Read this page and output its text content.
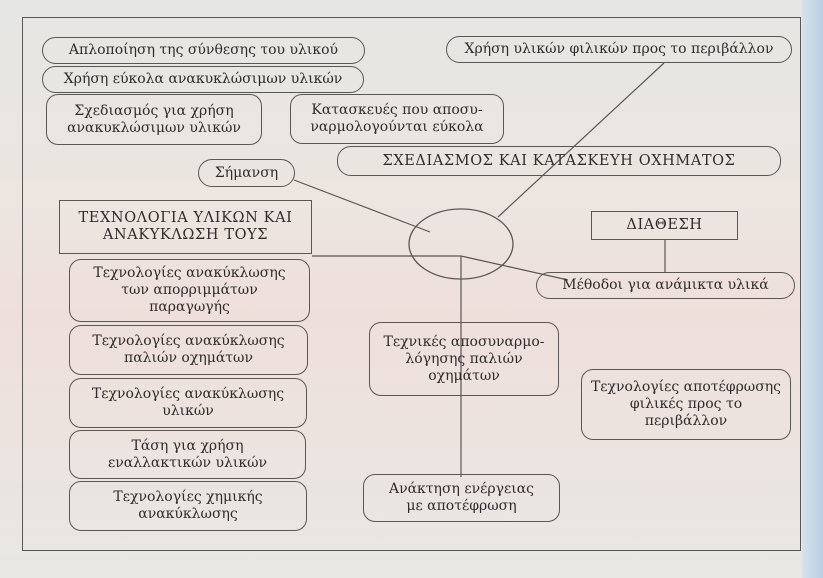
Απλοποίηση της σύνθεσης του υλικού
Χρήση εύκολα ανακυκλώσιμων υλικών
Σχεδιασμός για χρήση
ανακυκλώσιμων υλικών
Σήμανση
Χρήση υλικών φιλικών προς το περιβάλλον
Κατασκευές που αποσυ-
ναρμολογούνται εύκολα
ΣΧΕΔΙΑΣΜΟΣ ΚΑΙ ΚΑΤΑΣΚΕΥΗ ΟΧΗΜΑΤΟΣ
ΤΕΧΝΟΛΟΓΙΑ ΥΛΙΚΩΝ ΚΑΙ
ΑΝΑΚΥΚΛΩΣΗ ΤΟΥΣ
Τεχνολογίες ανακύκλωσης
των απορριμμάτων
παραγωγής
Τεχνολογίες ανακύκλωσης
παλιών οχημάτων
Τεχνολογίες ανακύκλωσης
υλικών
Τάση για χρήση
εναλλακτικών υλικών
Τεχνολογίες χημικής
ανακύκλωσης
ΔΙΑΘΕΣΗ
Μέθοδοι για ανάμικτα υλικά
Τεχνολογίες αποτέφρωσης
φιλικές προς το
περιβάλλον
Τεχνικές αποσυναρμο-
λόγησης παλιών
οχημάτων
Ανάκτηση ενέργειας
με αποτέφρωση
